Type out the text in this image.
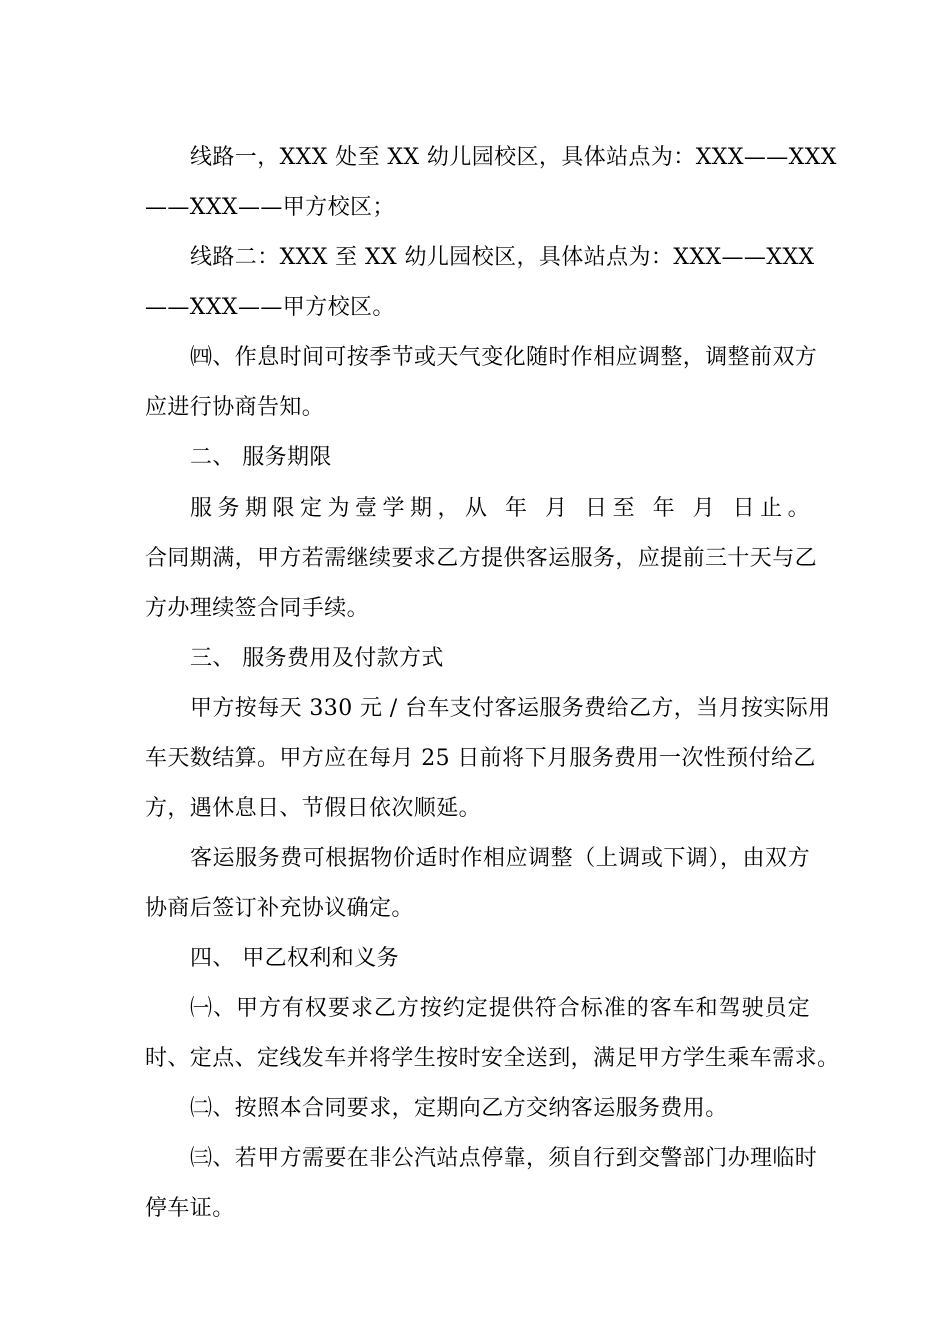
线路一，XXX 处至 XX 幼儿园校区，具体站点为：XXX——XXX
——XXX——甲方校区；
线路二：XXX 至 XX 幼儿园校区，具体站点为：XXX——XXX
——XXX——甲方校区。
㈣、作息时间可按季节或天气变化随时作相应调整，调整前双方
应进行协商告知。
二、 服务期限
服务期限定为壹学期，从 年 月 日至 年 月 日止。
合同期满，甲方若需继续要求乙方提供客运服务，应提前三十天与乙
方办理续签合同手续。
三、 服务费用及付款方式
甲方按每天 330 元 / 台车支付客运服务费给乙方，当月按实际用
车天数结算。甲方应在每月 25 日前将下月服务费用一次性预付给乙
方，遇休息日、节假日依次顺延。
客运服务费可根据物价适时作相应调整（上调或下调），由双方
协商后签订补充协议确定。
四、 甲乙权利和义务
㈠、甲方有权要求乙方按约定提供符合标准的客车和驾驶员定
时、定点、定线发车并将学生按时安全送到，满足甲方学生乘车需求。
㈡、按照本合同要求，定期向乙方交纳客运服务费用。
㈢、若甲方需要在非公汽站点停靠，须自行到交警部门办理临时
停车证。
